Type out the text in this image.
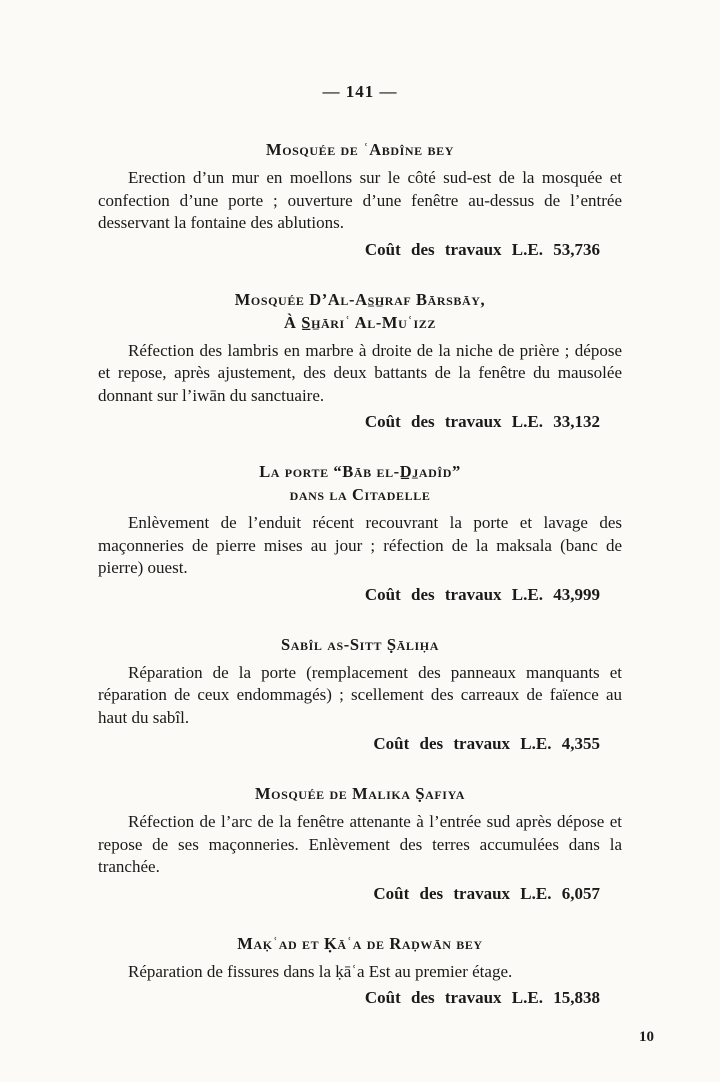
— 141 —
Mosquée de ʿAbdîne bey

Erection d’un mur en moellons sur le côté sud-est de la mosquée et confection d’une porte ; ouverture d’une fenêtre au-dessus de l’entrée desservant la fontaine des ablutions.

Coût des travaux L.E. 53,736
Mosquée D’Al-As̲h̲raf Bārsbāy,
À S̲h̲āriʿ Al-Muʿizz

Réfection des lambris en marbre à droite de la niche de prière ; dépose et repose, après ajustement, des deux battants de la fenêtre du mausolée donnant sur l’iwān du sanctuaire.

Coût des travaux L.E. 33,132
La porte “Bāb el-D̲j̲adîd”
dans la Citadelle

Enlèvement de l’enduit récent recouvrant la porte et lavage des maçonneries de pierre mises au jour ; réfection de la maksala (banc de pierre) ouest.

Coût des travaux L.E. 43,999
Sabîl as-Sitt Ṣāliḥa

Réparation de la porte (remplacement des panneaux manquants et réparation de ceux endommagés) ; scellement des carreaux de faïence au haut du sabîl.

Coût des travaux L.E. 4,355
Mosquée de Malika Ṣafiya

Réfection de l’arc de la fenêtre attenante à l’entrée sud après dépose et repose de ses maçonneries. Enlèvement des terres accumulées dans la tranchée.

Coût des travaux L.E. 6,057
Maḳʿad et Ḳāʿa de Raḍwān bey

Réparation de fissures dans la ḳāʿa Est au premier étage.

Coût des travaux L.E. 15,838
10
